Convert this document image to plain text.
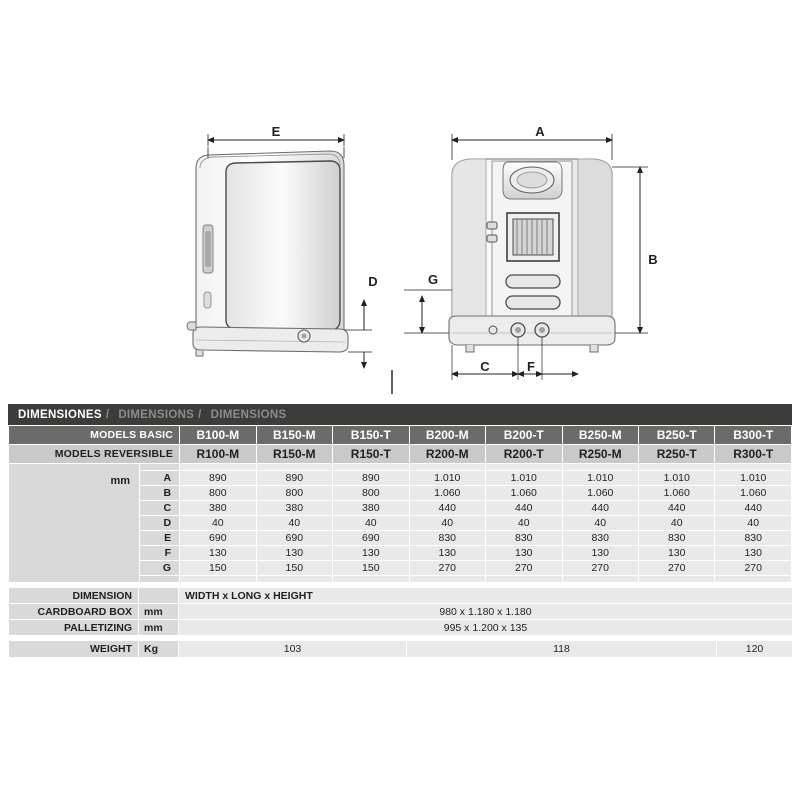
E
D
A
B
G
C	F
DIMENSIONES / DIMENSIONS / DIMENSIONS
MODELS BASIC		B100-M	B150-M	B150-T	B200-M	B200-T	B250-M	B250-T	B300-T
MODELS REVERSIBLE		R100-M	R150-M	R150-T	R200-M	R200-T	R250-M	R250-T	R300-T

	A	890	890	890	1.010	1.010	1.010	1.010	1.010
	B	800	800	800	1.060	1.060	1.060	1.060	1.060
	C	380	380	380	440	440	440	440	440
	D	40	40	40	40	40	40	40	40
	E	690	690	690	830	830	830	830	830
	F	130	130	130	130	130	130	130	130
	G	150	150	150	270	270	270	270	270

mm
DIMENSION		WIDTH x LONG x HEIGHT
CARDBOARD BOX	mm	980 x 1.180 x 1.180
PALLETIZING	mm	995 x 1.200 x 135
WEIGHT	Kg	103	118	120
